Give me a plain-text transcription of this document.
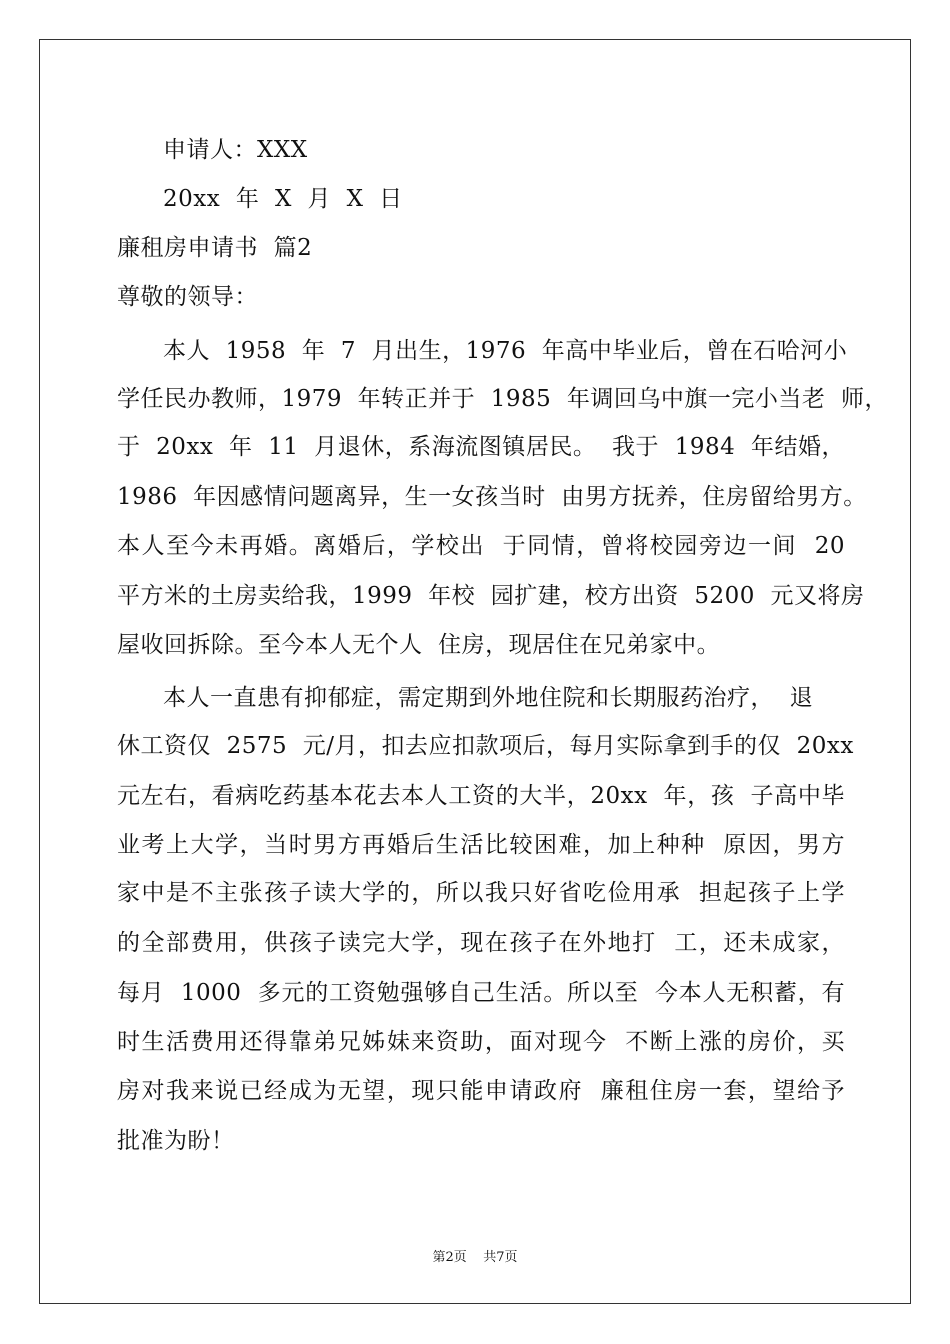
申请人：XXX
20xx  年  X  月  X  日
廉租房申请书  篇2
尊敬的领导：
本人  1958  年  7  月出生，1976  年高中毕业后，曾在石哈河小
学任民办教师，1979  年转正并于  1985  年调回乌中旗一完小当老  师，
于  20xx  年  11  月退休，系海流图镇居民。  我于  1984  年结婚，
1986  年因感情问题离异，生一女孩当时  由男方抚养，住房留给男方。
本人至今未再婚。离婚后，学校出  于同情，曾将校园旁边一间  20
平方米的土房卖给我，1999  年校  园扩建，校方出资  5200  元又将房
屋收回拆除。至今本人无个人  住房，现居住在兄弟家中。
本人一直患有抑郁症，需定期到外地住院和长期服药治疗，  退
休工资仅  2575  元/月，扣去应扣款项后，每月实际拿到手的仅  20xx
元左右，看病吃药基本花去本人工资的大半，20xx  年，孩  子高中毕
业考上大学，当时男方再婚后生活比较困难，加上种种  原因，男方
家中是不主张孩子读大学的，所以我只好省吃俭用承  担起孩子上学
的全部费用，供孩子读完大学，现在孩子在外地打  工，还未成家，
每月  1000  多元的工资勉强够自己生活。所以至  今本人无积蓄，有
时生活费用还得靠弟兄姊妹来资助，面对现今  不断上涨的房价，买
房对我来说已经成为无望，现只能申请政府  廉租住房一套，望给予
批准为盼！
第2页    共7页
